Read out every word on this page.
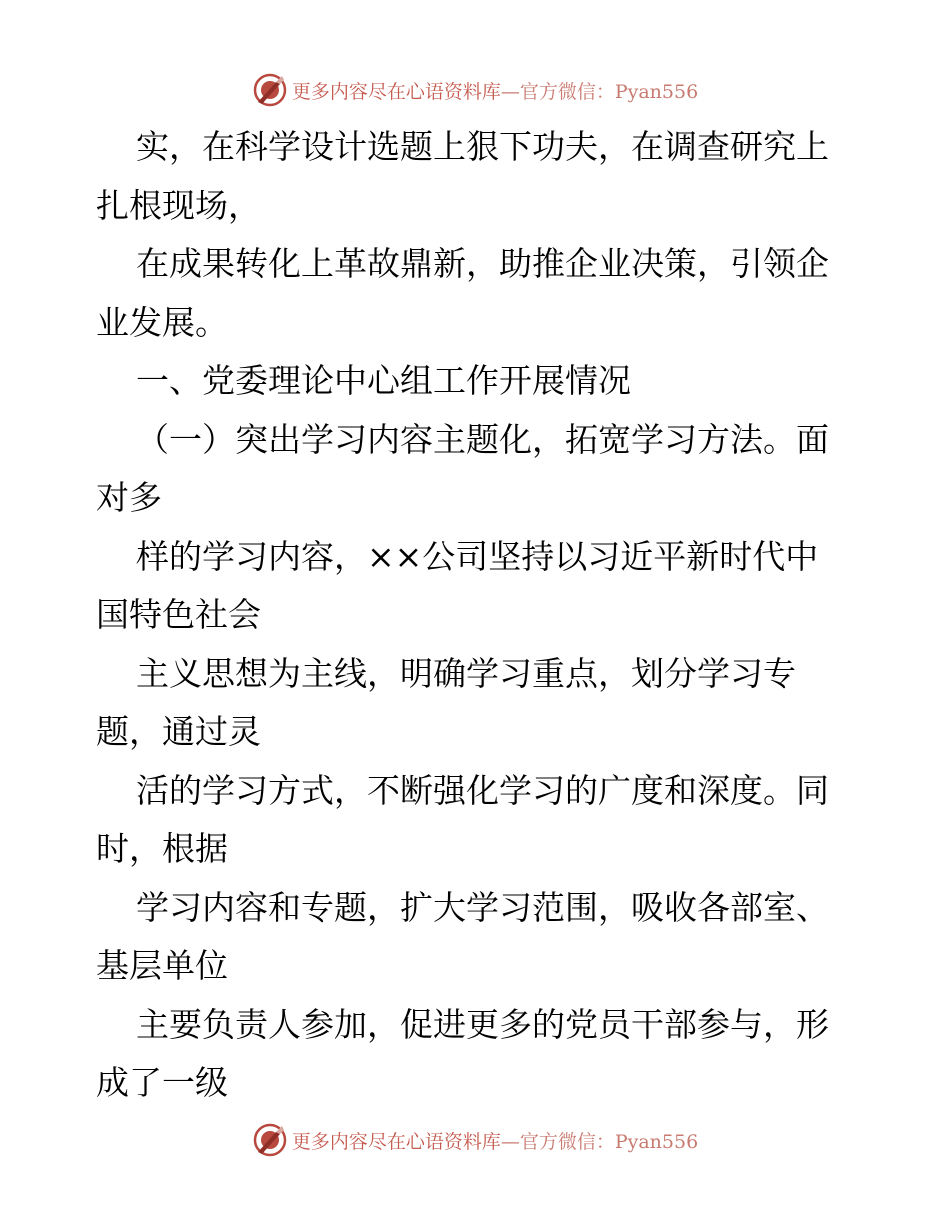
更多内容尽在心语资料库—官方微信：Pyan556
实，在科学设计选题上狠下功夫，在调查研究上
扎根现场，
在成果转化上革故鼎新，助推企业决策，引领企
业发展。
一、党委理论中心组工作开展情况
（一）突出学习内容主题化，拓宽学习方法。面
对多
样的学习内容，××公司坚持以习近平新时代中
国特色社会
主义思想为主线，明确学习重点，划分学习专
题，通过灵
活的学习方式，不断强化学习的广度和深度。同
时，根据
学习内容和专题，扩大学习范围，吸收各部室、
基层单位
主要负责人参加，促进更多的党员干部参与，形
成了一级
更多内容尽在心语资料库—官方微信：Pyan556
